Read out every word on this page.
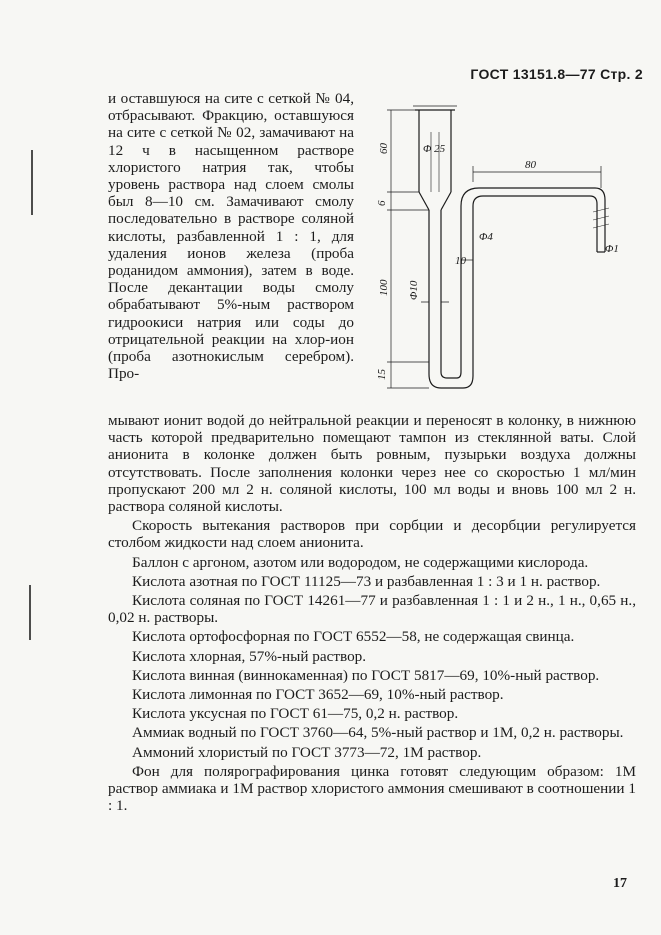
ГОСТ 13151.8—77 Стр. 2

и оставшуюся на сите с сеткой № 04, отбрасывают. Фракцию, оставшуюся на сите с сеткой № 02, замачивают на 12 ч в насыщенном растворе хлористого натрия так, чтобы уровень раствора над слоем смолы был 8—10 см. Замачивают смолу последовательно в растворе соляной кислоты, разбавленной 1 : 1, для удаления ионов железа (проба роданидом аммония), затем в воде. После декантации воды смолу обрабатывают 5%-ным раствором гидроокиси натрия или соды до отрицательной реакции на хлор-ион (проба азотнокислым серебром). Про-

60	Φ 25
80
6
Φ4
Φ1
10
Φ10
100
15

мывают ионит водой до нейтральной реакции и переносят в колонку, в нижнюю часть которой предварительно помещают тампон из стеклянной ваты. Слой анионита в колонке должен быть ровным, пузырьки воздуха должны отсутствовать. После заполнения колонки через нее со скоростью 1 мл/мин пропускают 200 мл 2 н. соляной кислоты, 100 мл воды и вновь 100 мл 2 н. раствора соляной кислоты.

Скорость вытекания растворов при сорбции и десорбции регулируется столбом жидкости над слоем анионита.

Баллон с аргоном, азотом или водородом, не содержащими кислорода.

Кислота азотная по ГОСТ 11125—73 и разбавленная 1 : 3 и 1 н. раствор.

Кислота соляная по ГОСТ 14261—77 и разбавленная 1 : 1 и 2 н., 1 н., 0,65 н., 0,02 н. растворы.

Кислота ортофосфорная по ГОСТ 6552—58, не содержащая свинца.

Кислота хлорная, 57%-ный раствор.

Кислота винная (виннокаменная) по ГОСТ 5817—69, 10%-ный раствор.

Кислота лимонная по ГОСТ 3652—69, 10%-ный раствор.

Кислота уксусная по ГОСТ 61—75, 0,2 н. раствор.

Аммиак водный по ГОСТ 3760—64, 5%-ный раствор и 1М, 0,2 н. растворы.

Аммоний хлористый по ГОСТ 3773—72, 1М раствор.

Фон для полярографирования цинка готовят следующим образом: 1М раствор аммиака и 1М раствор хлористого аммония смешивают в соотношении 1 : 1.

17
